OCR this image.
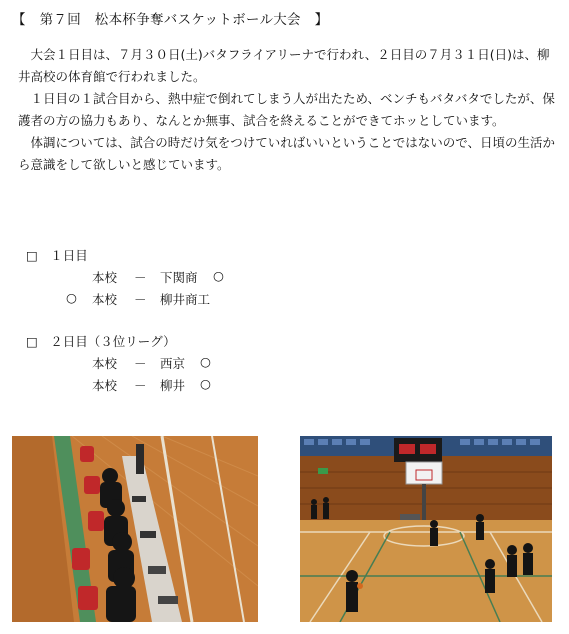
【　第７回　松本杯争奪バスケットボール大会　】

　大会１日目は、７月３０日(土)バタフライアリーナで行われ、２日目の７月３１日(日)は、柳井高校の体育館で行われました。

　１日目の１試合目から、熱中症で倒れてしまう人が出たため、ベンチもバタバタでしたが、保護者の方の協力もあり、なんとか無事、試合を終えることができてホッとしています。

　体調については、試合の時だけ気をつけていればいいということではないので、日頃の生活から意識をして欲しいと感じています。

□　１日目
本校 － 下関商 ○
○ 本校 － 柳井商工
□　２日目（３位リーグ）
本校 － 西京 ○
本校 － 柳井 ○
